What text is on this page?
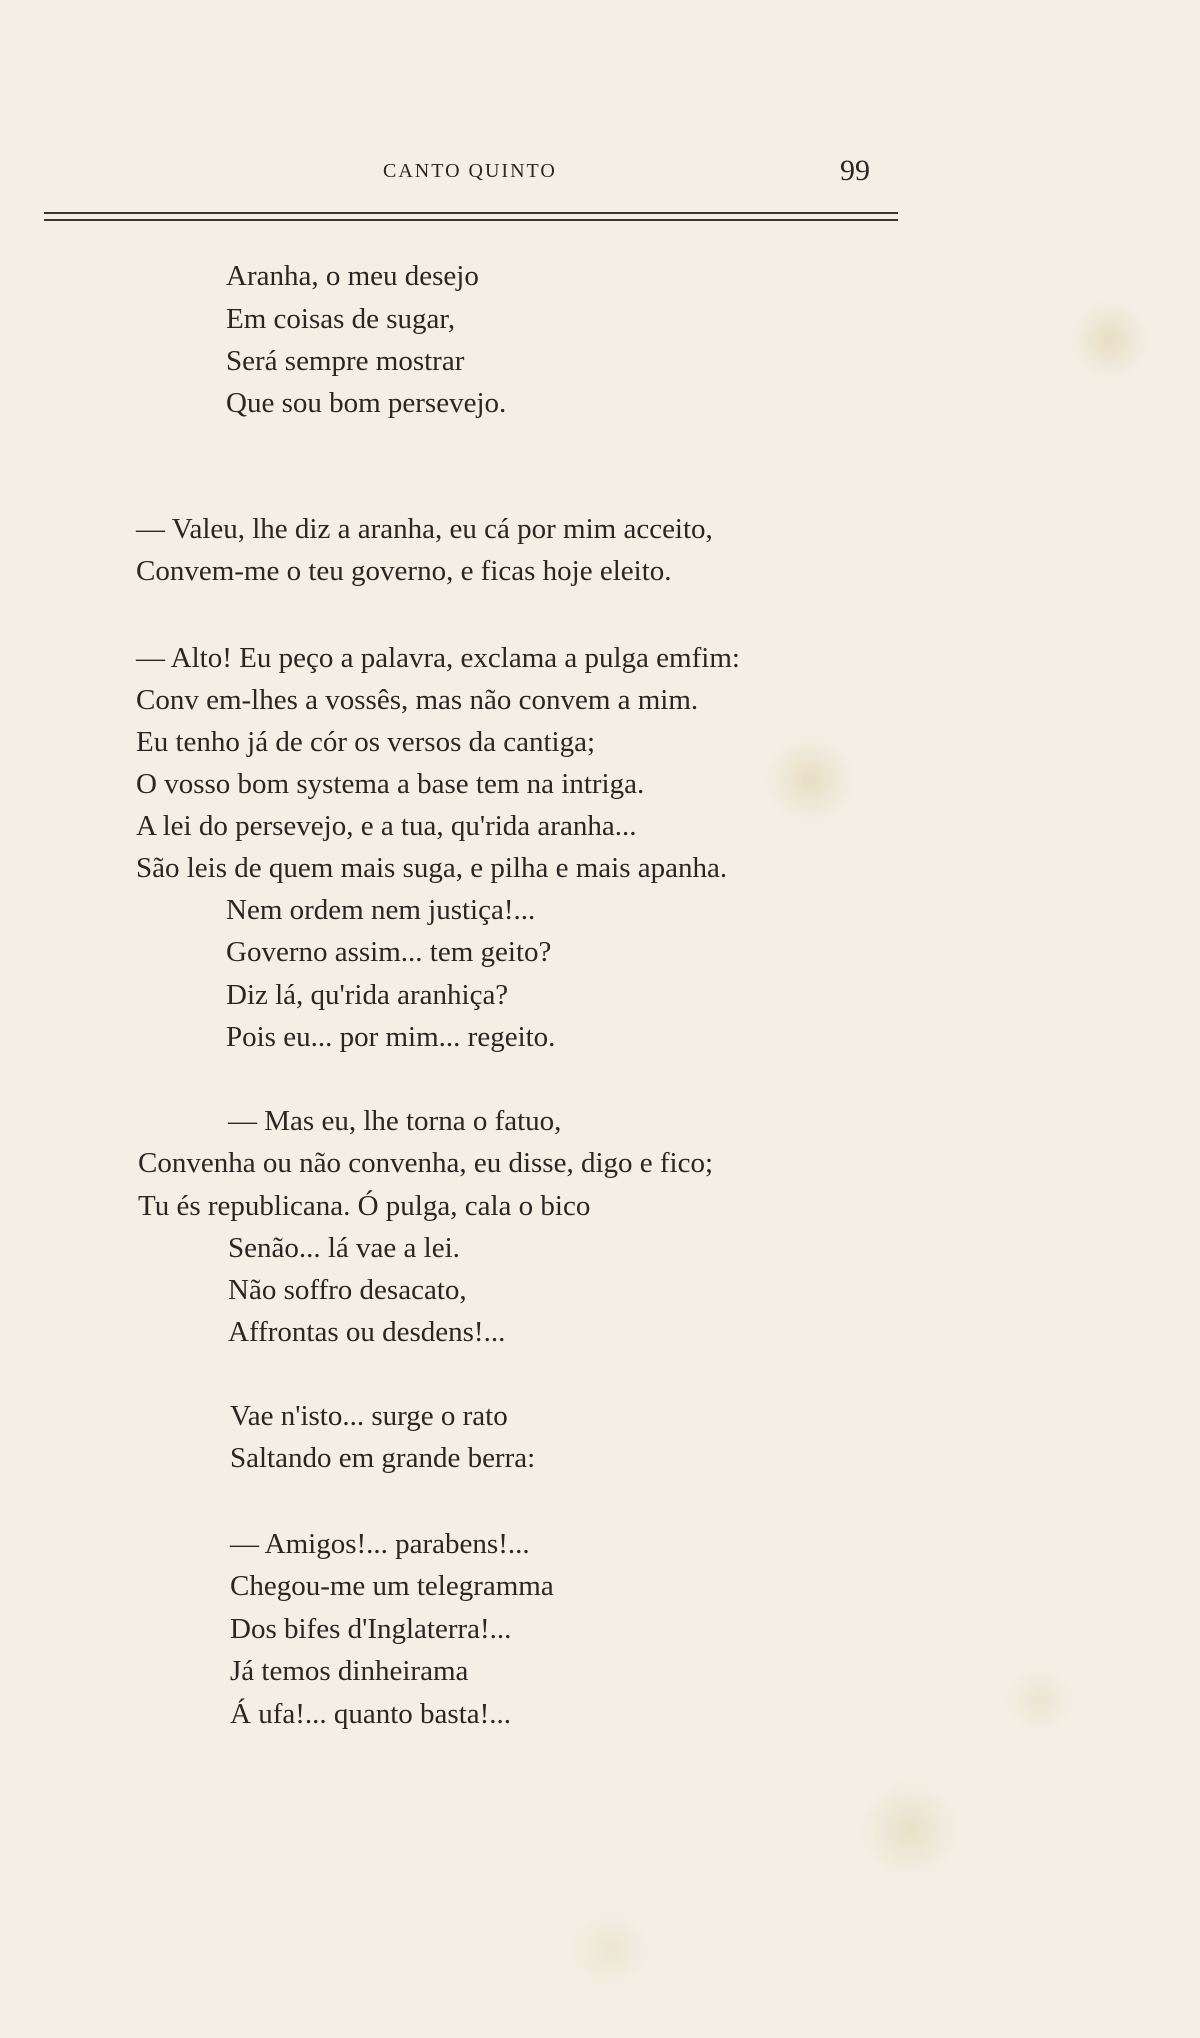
CANTO QUINTO	99
Aranha, o meu desejo
Em coisas de sugar,
Será sempre mostrar
Que sou bom persevejo.
— Valeu, lhe diz a aranha, eu cá por mim acceito,
Convem-me o teu governo, e ficas hoje eleito.
— Alto! Eu peço a palavra, exclama a pulga emfim:
Conv em-lhes a vossês, mas não convem a mim.
Eu tenho já de cór os versos da cantiga;
O vosso bom systema a base tem na intriga.
A lei do persevejo, e a tua, qu'rida aranha...
São leis de quem mais suga, e pilha e mais apanha.
Nem ordem nem justiça!...
Governo assim... tem geito?
Diz lá, qu'rida aranhiça?
Pois eu... por mim... regeito.
— Mas eu, lhe torna o fatuo,
Convenha ou não convenha, eu disse, digo e fico;
Tu és republicana. Ó pulga, cala o bico
Senão... lá vae a lei.
Não soffro desacato,
Affrontas ou desdens!...
Vae n'isto... surge o rato
Saltando em grande berra:
— Amigos!... parabens!...
Chegou-me um telegramma
Dos bifes d'Inglaterra!...
Já temos dinheirama
Á ufa!... quanto basta!...
